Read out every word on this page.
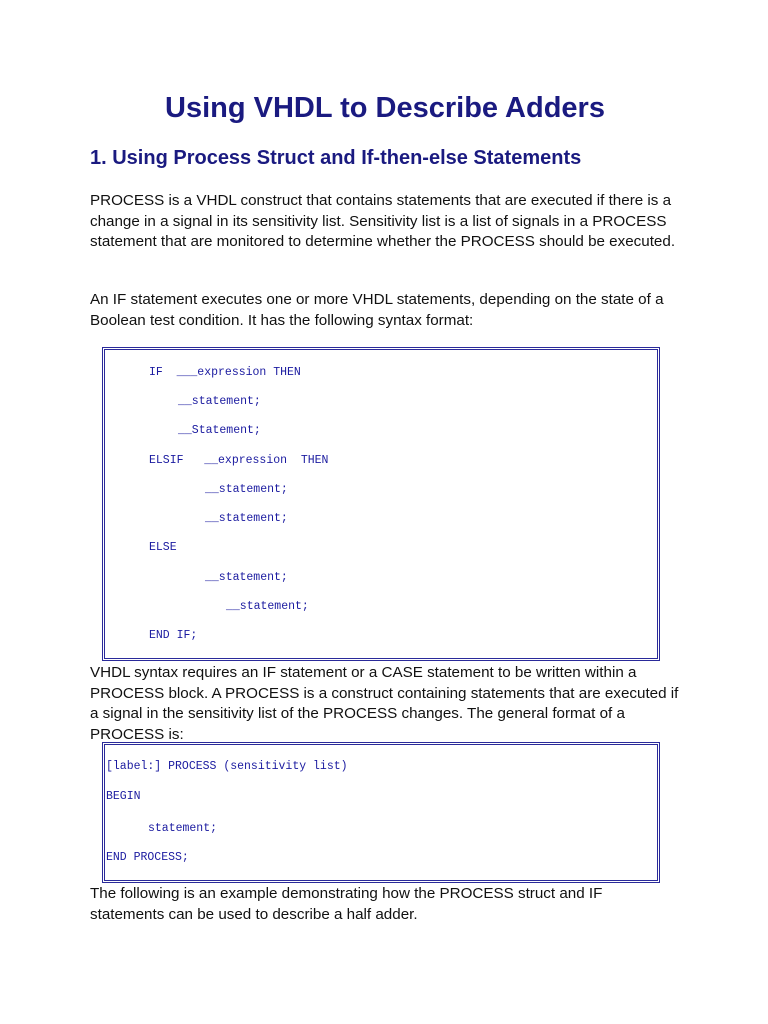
Using VHDL to Describe Adders
1. Using Process Struct and If-then-else Statements

PROCESS is a VHDL construct that contains statements that are executed if there is a change in a signal in its sensitivity list. Sensitivity list is a list of signals in a PROCESS statement that are monitored to determine whether the PROCESS should be executed.

An IF statement executes one or more VHDL statements, depending on the state of a Boolean test condition. It has the following syntax format:

IF  ___expression THEN
__statement;
__Statement;
ELSIF   __expression  THEN
__statement;
__statement;
ELSE
__statement;
__statement;
END IF;

VHDL syntax requires an IF statement or a CASE statement to be written within a PROCESS block. A PROCESS is a construct containing statements that are executed if a signal in the sensitivity list of the PROCESS changes. The general format of a PROCESS is:

[label:] PROCESS (sensitivity list)
BEGIN
statement;
END PROCESS;

The following is an example demonstrating how the PROCESS struct and IF statements can be used to describe a half adder.
